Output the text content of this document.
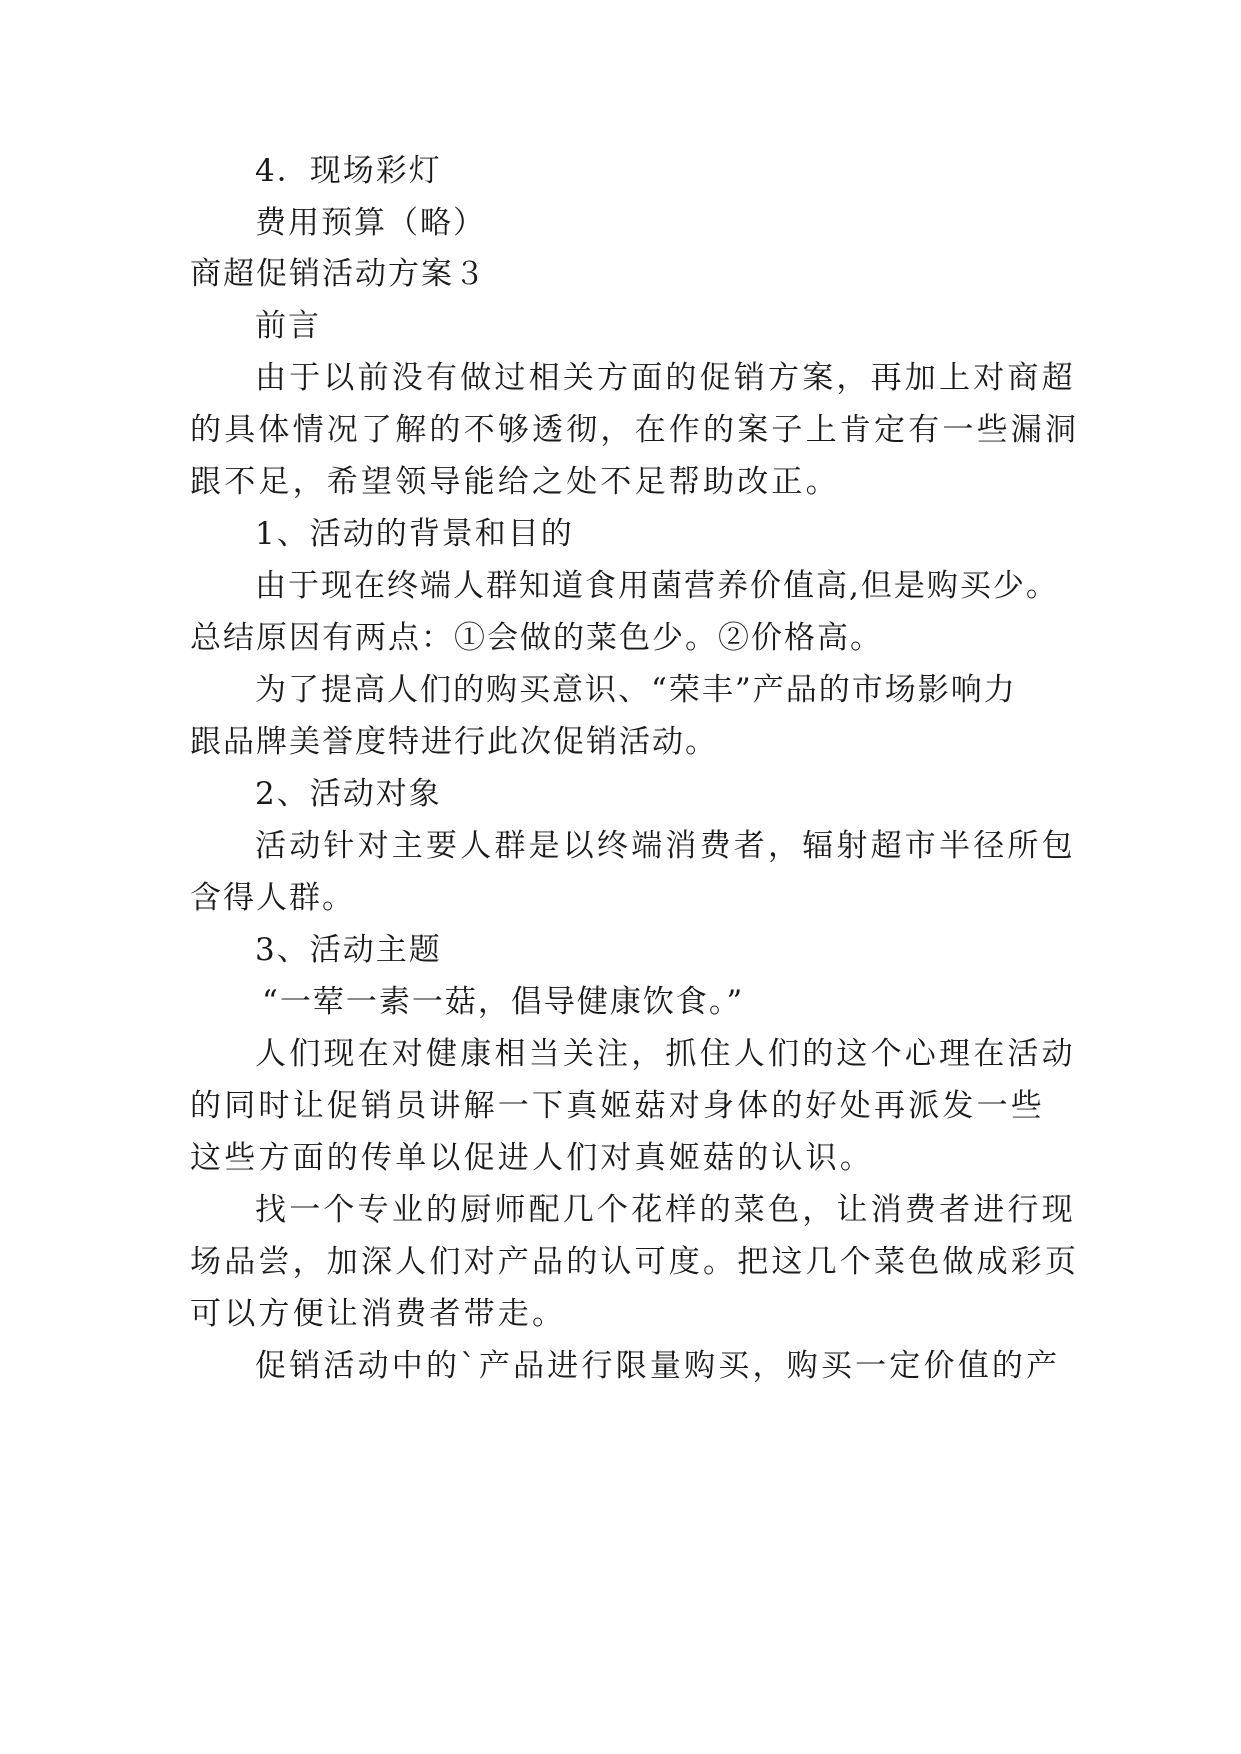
4．现场彩灯
费用预算（略）
商超促销活动方案３
前言
由于以前没有做过相关方面的促销方案，再加上对商超
的具体情况了解的不够透彻，在作的案子上肯定有一些漏洞
跟不足，希望领导能给之处不足帮助改正。
1、活动的背景和目的
由于现在终端人群知道食用菌营养价值高,但是购买少。
总结原因有两点：①会做的菜色少。②价格高。
为了提高人们的购买意识、“荣丰”产品的市场影响力
跟品牌美誉度特进行此次促销活动。
2、活动对象
活动针对主要人群是以终端消费者，辐射超市半径所包
含得人群。
3、活动主题
“一荤一素一菇，倡导健康饮食。”
人们现在对健康相当关注，抓住人们的这个心理在活动
的同时让促销员讲解一下真姬菇对身体的好处再派发一些
这些方面的传单以促进人们对真姬菇的认识。
找一个专业的厨师配几个花样的菜色，让消费者进行现
场品尝，加深人们对产品的认可度。把这几个菜色做成彩页
可以方便让消费者带走。
促销活动中的`产品进行限量购买，购买一定价值的产
